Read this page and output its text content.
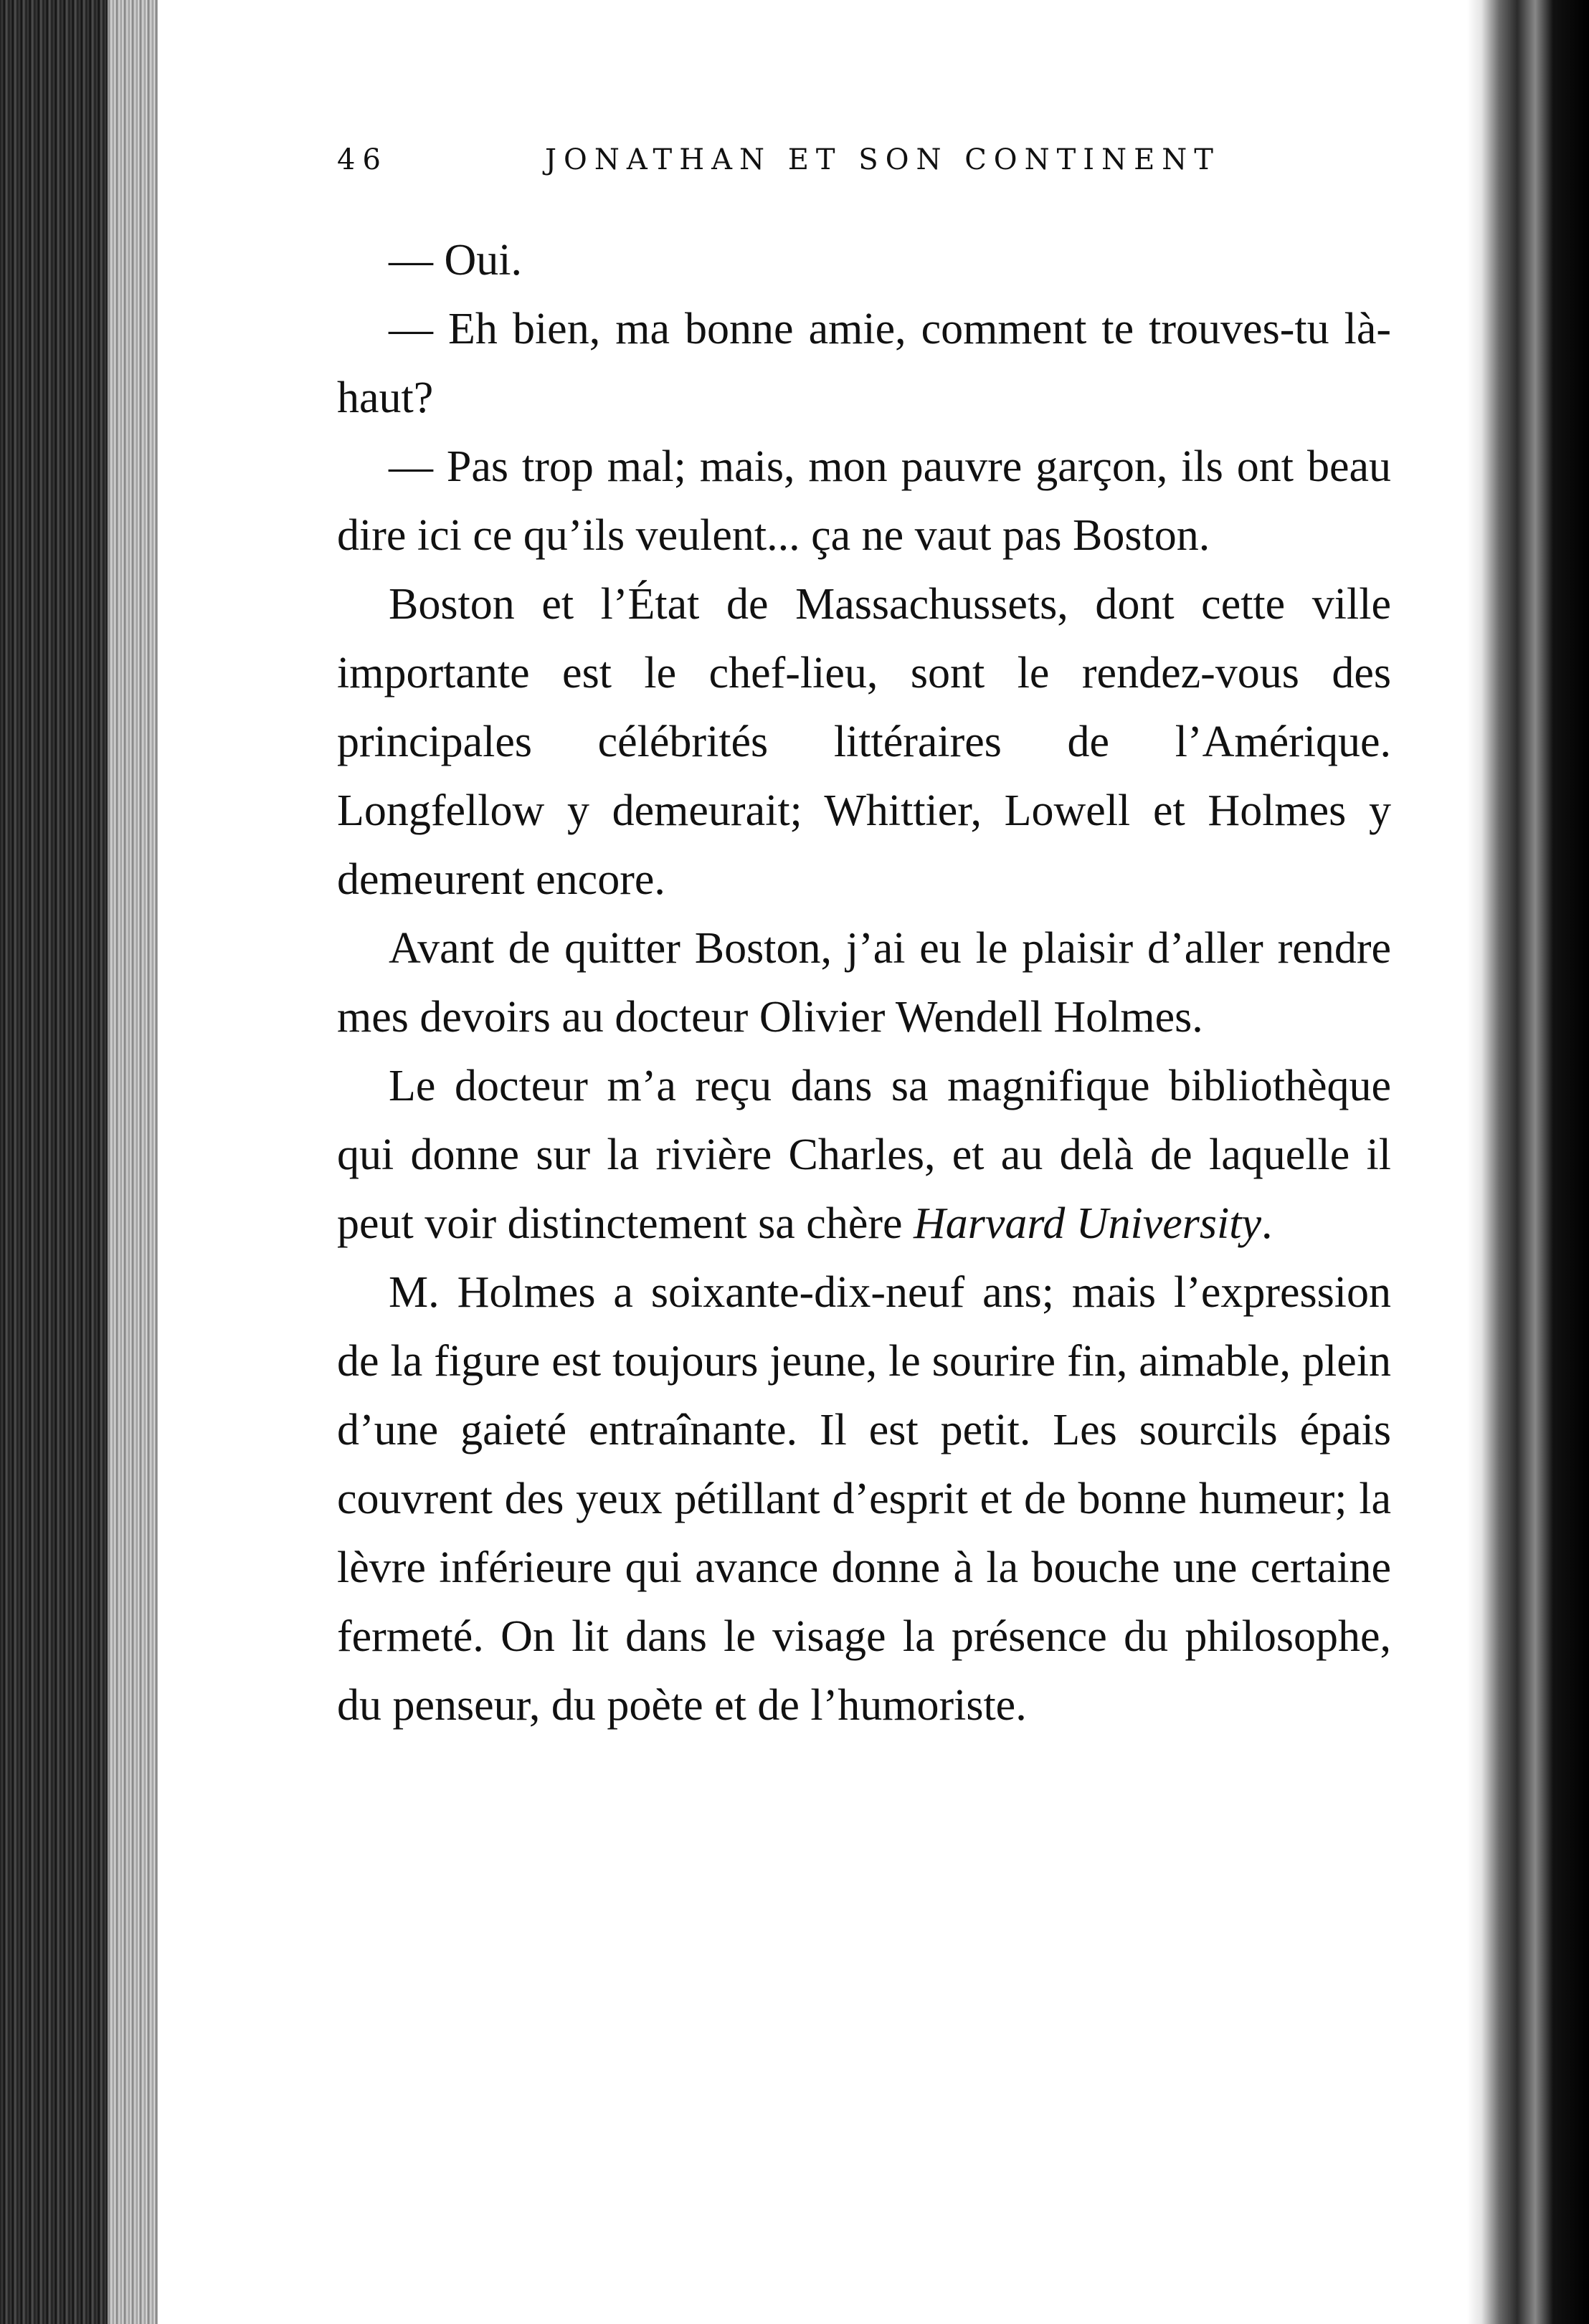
46	JONATHAN ET SON CONTINENT

— Oui.

— Eh bien, ma bonne amie, comment te trouves-tu là-haut?

— Pas trop mal; mais, mon pauvre garçon, ils ont beau dire ici ce qu’ils veulent... ça ne vaut pas Boston.

Boston et l’État de Massachussets, dont cette ville importante est le chef-lieu, sont le rendez-vous des principales célébrités littéraires de l’Amérique. Longfellow y demeurait; Whittier, Lowell et Holmes y demeurent encore.

Avant de quitter Boston, j’ai eu le plaisir d’aller rendre mes devoirs au docteur Olivier Wendell Holmes.

Le docteur m’a reçu dans sa magnifique bibliothèque qui donne sur la rivière Charles, et au delà de laquelle il peut voir distinctement sa chère Harvard University.

M. Holmes a soixante-dix-neuf ans; mais l’expression de la figure est toujours jeune, le sourire fin, aimable, plein d’une gaieté entraînante. Il est petit. Les sourcils épais couvrent des yeux pétillant d’esprit et de bonne humeur; la lèvre inférieure qui avance donne à la bouche une certaine fermeté. On lit dans le visage la présence du philosophe, du penseur, du poète et de l’humoriste.
